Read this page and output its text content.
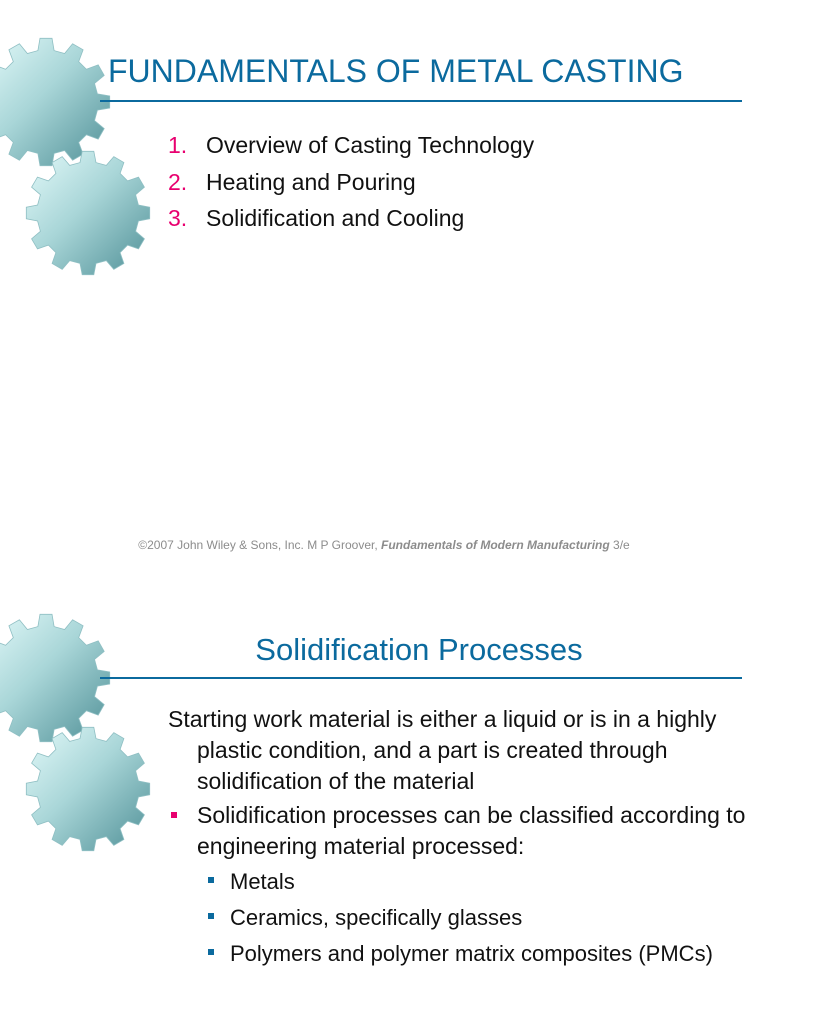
FUNDAMENTALS OF METAL CASTING
1. Overview of Casting Technology
2. Heating and Pouring
3. Solidification and Cooling
©2007 John Wiley & Sons, Inc. M P Groover, Fundamentals of Modern Manufacturing 3/e
Solidification Processes

Starting work material is either a liquid or is in a highly plastic condition, and a part is created through solidification of the material

Solidification processes can be classified according to engineering material processed:
Metals
Ceramics, specifically glasses
Polymers and polymer matrix composites (PMCs)
